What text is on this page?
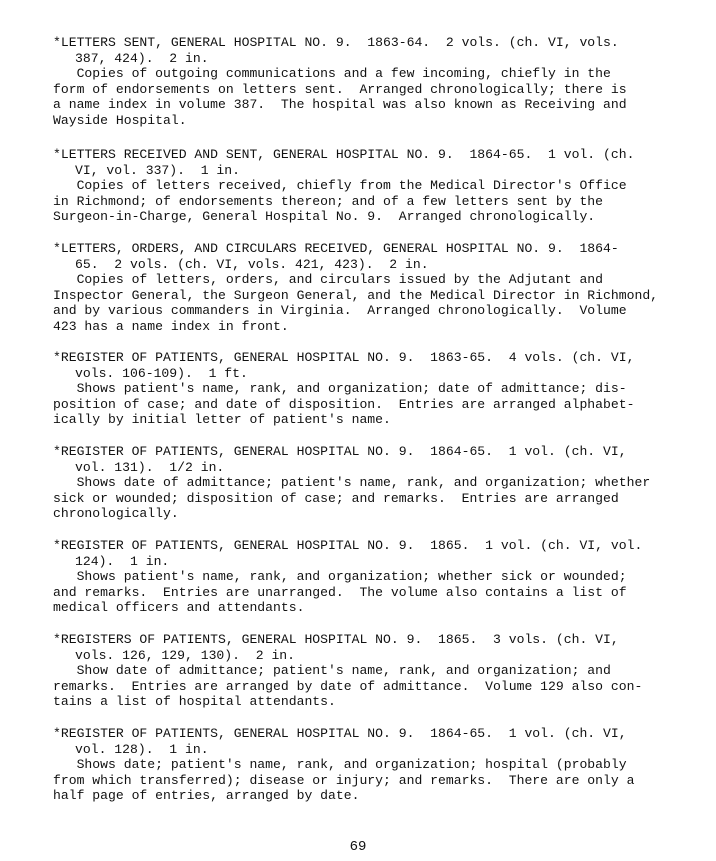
*LETTERS SENT, GENERAL HOSPITAL NO. 9.  1863-64.  2 vols. (ch. VI, vols.
387, 424).  2 in.
Copies of outgoing communications and a few incoming, chiefly in the
form of endorsements on letters sent.  Arranged chronologically; there is
a name index in volume 387.  The hospital was also known as Receiving and
Wayside Hospital.
*LETTERS RECEIVED AND SENT, GENERAL HOSPITAL NO. 9.  1864-65.  1 vol. (ch.
VI, vol. 337).  1 in.
Copies of letters received, chiefly from the Medical Director's Office
in Richmond; of endorsements thereon; and of a few letters sent by the
Surgeon-in-Charge, General Hospital No. 9.  Arranged chronologically.
*LETTERS, ORDERS, AND CIRCULARS RECEIVED, GENERAL HOSPITAL NO. 9.  1864-
65.  2 vols. (ch. VI, vols. 421, 423).  2 in.
Copies of letters, orders, and circulars issued by the Adjutant and
Inspector General, the Surgeon General, and the Medical Director in Richmond,
and by various commanders in Virginia.  Arranged chronologically.  Volume
423 has a name index in front.
*REGISTER OF PATIENTS, GENERAL HOSPITAL NO. 9.  1863-65.  4 vols. (ch. VI,
vols. 106-109).  1 ft.
Shows patient's name, rank, and organization; date of admittance; dis-
position of case; and date of disposition.  Entries are arranged alphabet-
ically by initial letter of patient's name.
*REGISTER OF PATIENTS, GENERAL HOSPITAL NO. 9.  1864-65.  1 vol. (ch. VI,
vol. 131).  1/2 in.
Shows date of admittance; patient's name, rank, and organization; whether
sick or wounded; disposition of case; and remarks.  Entries are arranged
chronologically.
*REGISTER OF PATIENTS, GENERAL HOSPITAL NO. 9.  1865.  1 vol. (ch. VI, vol.
124).  1 in.
Shows patient's name, rank, and organization; whether sick or wounded;
and remarks.  Entries are unarranged.  The volume also contains a list of
medical officers and attendants.
*REGISTERS OF PATIENTS, GENERAL HOSPITAL NO. 9.  1865.  3 vols. (ch. VI,
vols. 126, 129, 130).  2 in.
Show date of admittance; patient's name, rank, and organization; and
remarks.  Entries are arranged by date of admittance.  Volume 129 also con-
tains a list of hospital attendants.
*REGISTER OF PATIENTS, GENERAL HOSPITAL NO. 9.  1864-65.  1 vol. (ch. VI,
vol. 128).  1 in.
Shows date; patient's name, rank, and organization; hospital (probably
from which transferred); disease or injury; and remarks.  There are only a
half page of entries, arranged by date.
69
